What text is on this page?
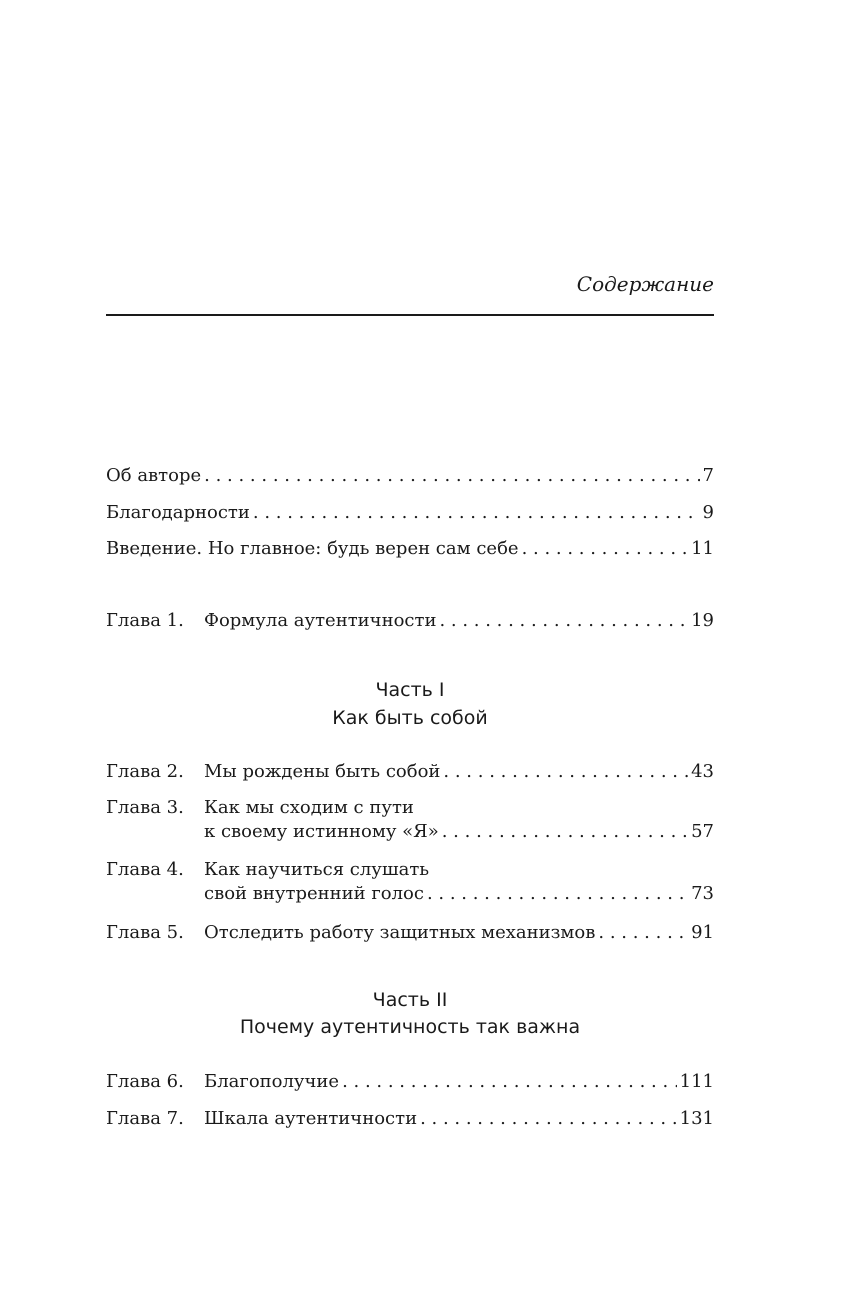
Содержание
Об авторе . . .	7
Благодарности . . .	9
Введение. Но главное: будь верен сам себе . . .	11
Глава 1.	Формула аутентичности . . .	19
Часть I
Как быть собой
Глава 2.	Мы рождены быть собой . . .	43
Глава 3.	Как мы сходим с пути
к своему истинному «Я» . . .	57
Глава 4.	Как научиться слушать
свой внутренний голос . . .	73
Глава 5.	Отследить работу защитных механизмов . . .	91
Часть II
Почему аутентичность так важна
Глава 6.	Благополучие . . .	111
Глава 7.	Шкала аутентичности . . .	131
